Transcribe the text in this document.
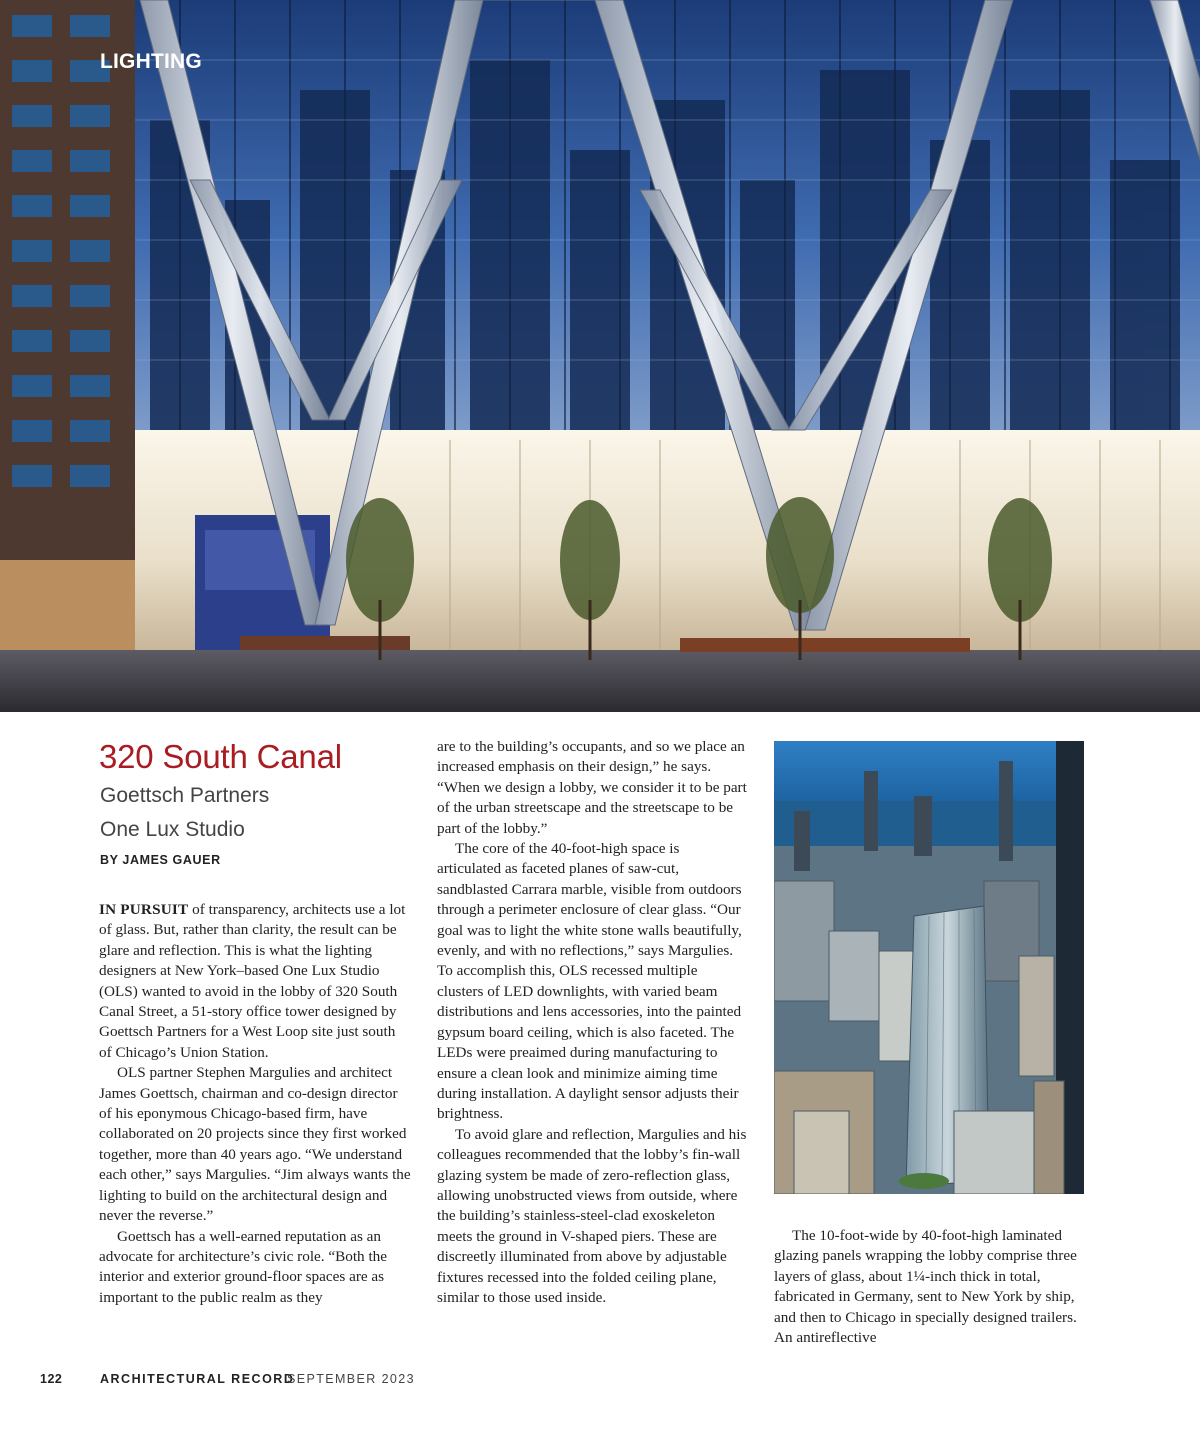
LIGHTING
320 South Canal
Goettsch Partners
One Lux Studio
BY JAMES GAUER

IN PURSUIT of transparency, architects use a lot of glass. But, rather than clarity, the result can be glare and reflection. This is what the lighting designers at New York–based One Lux Studio (OLS) wanted to avoid in the lobby of 320 South Canal Street, a 51-story office tower designed by Goettsch Partners for a West Loop site just south of Chicago’s Union Station.

OLS partner Stephen Margulies and architect James Goettsch, chairman and co-design director of his eponymous Chicago-based firm, have collaborated on 20 projects since they first worked together, more than 40 years ago. “We understand each other,” says Margulies. “Jim always wants the lighting to build on the architectural design and never the reverse.”

Goettsch has a well-earned reputation as an advocate for architecture’s civic role. “Both the interior and exterior ground-floor spaces are as important to the public realm as they

are to the building’s occupants, and so we place an increased emphasis on their design,” he says. “When we design a lobby, we consider it to be part of the urban streetscape and the streetscape to be part of the lobby.”

The core of the 40-foot-high space is articulated as faceted planes of saw-cut, sandblasted Carrara marble, visible from outdoors through a perimeter enclosure of clear glass. “Our goal was to light the white stone walls beautifully, evenly, and with no reflections,” says Margulies. To accomplish this, OLS recessed multiple clusters of LED downlights, with varied beam distributions and lens accessories, into the painted gypsum board ceiling, which is also faceted. The LEDs were preaimed during manufacturing to ensure a clean look and minimize aiming time during installation. A daylight sensor adjusts their brightness.

To avoid glare and reflection, Margulies and his colleagues recommended that the lobby’s fin-wall glazing system be made of zero-reflection glass, allowing unobstructed views from outside, where the building’s stainless-steel-clad exoskeleton meets the ground in V-shaped piers. These are discreetly illuminated from above by adjustable fixtures recessed into the folded ceiling plane, similar to those used inside.

The 10-foot-wide by 40-foot-high laminated glazing panels wrapping the lobby comprise three layers of glass, about 1¼-inch thick in total, fabricated in Germany, sent to New York by ship, and then to Chicago in specially designed trailers. An antireflective

122	ARCHITECTURAL RECORD
SEPTEMBER 2023
